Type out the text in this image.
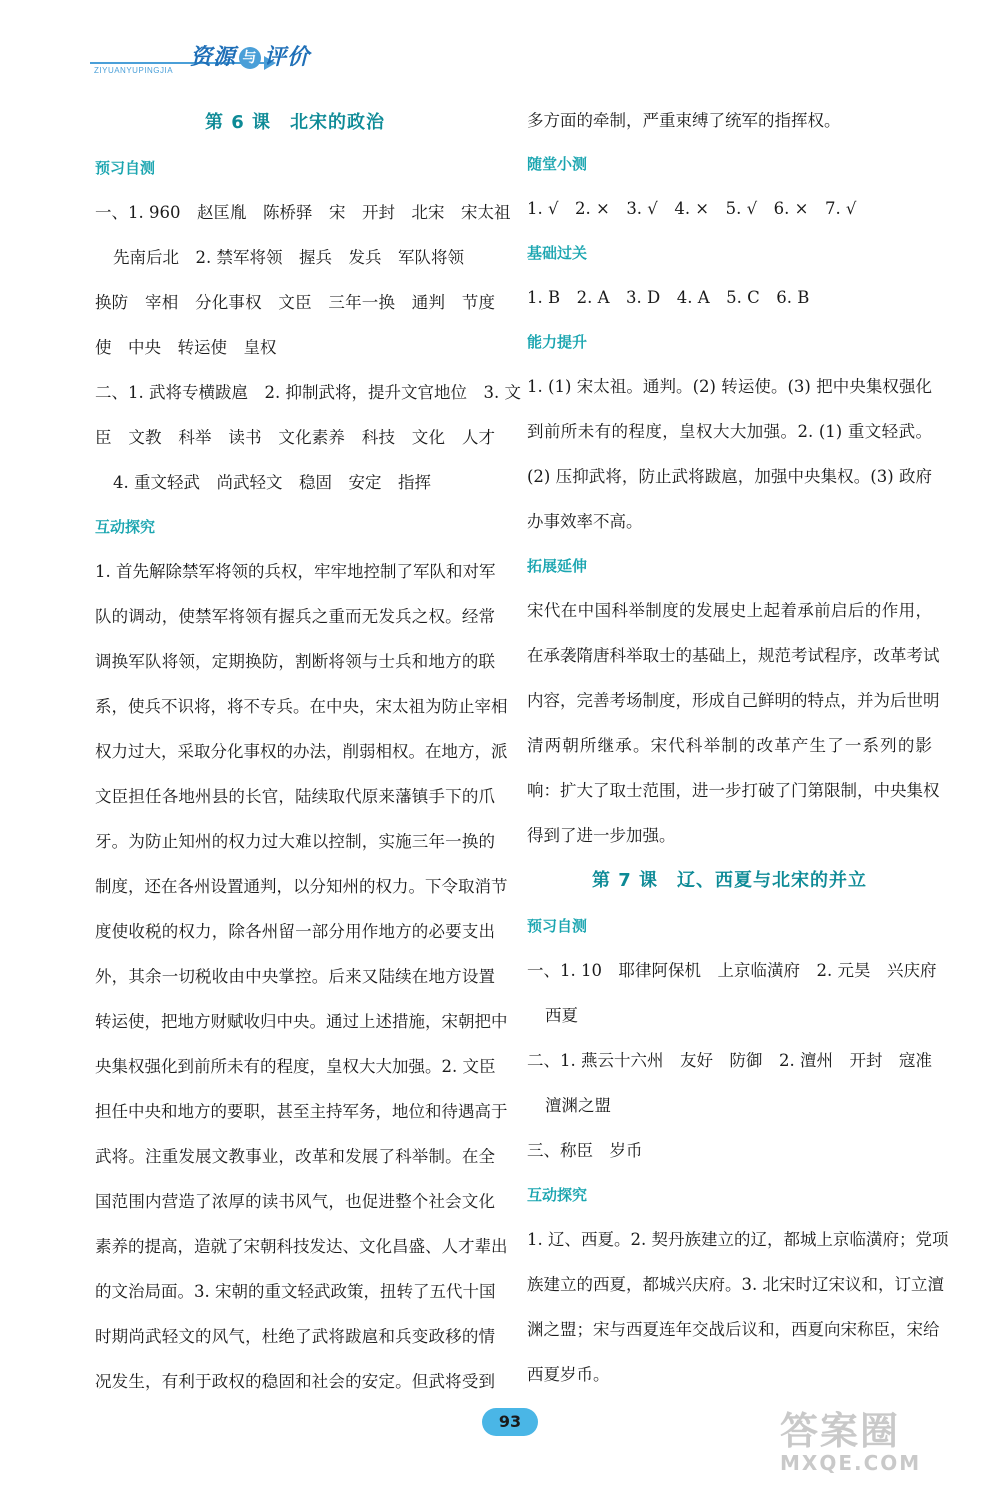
ZIYUANYUPINGJIA
资源 与 评价
第 6 课　北宋的政治
预习自测
一、1. 960　赵匡胤　陈桥驿　宋　开封　北宋　宋太祖
先南后北　2. 禁军将领　握兵　发兵　军队将领
换防　宰相　分化事权　文臣　三年一换　通判　节度
使　中央　转运使　皇权
二、1. 武将专横跋扈　2. 抑制武将，提升文官地位　3. 文
臣　文教　科举　读书　文化素养　科技　文化　人才
4. 重文轻武　尚武轻文　稳固　安定　指挥
互动探究
1. 首先解除禁军将领的兵权，牢牢地控制了军队和对军
队的调动，使禁军将领有握兵之重而无发兵之权。经常
调换军队将领，定期换防，割断将领与士兵和地方的联
系，使兵不识将，将不专兵。在中央，宋太祖为防止宰相
权力过大，采取分化事权的办法，削弱相权。在地方，派
文臣担任各地州县的长官，陆续取代原来藩镇手下的爪
牙。为防止知州的权力过大难以控制，实施三年一换的
制度，还在各州设置通判，以分知州的权力。下令取消节
度使收税的权力，除各州留一部分用作地方的必要支出
外，其余一切税收由中央掌控。后来又陆续在地方设置
转运使，把地方财赋收归中央。通过上述措施，宋朝把中
央集权强化到前所未有的程度，皇权大大加强。2. 文臣
担任中央和地方的要职，甚至主持军务，地位和待遇高于
武将。注重发展文教事业，改革和发展了科举制。在全
国范围内营造了浓厚的读书风气，也促进整个社会文化
素养的提高，造就了宋朝科技发达、文化昌盛、人才辈出
的文治局面。3. 宋朝的重文轻武政策，扭转了五代十国
时期尚武轻文的风气，杜绝了武将跋扈和兵变政移的情
况发生，有利于政权的稳固和社会的安定。但武将受到
多方面的牵制，严重束缚了统军的指挥权。
随堂小测
1. √　2. ×　3. √　4. ×　5. √　6. ×　7. √
基础过关
1. B　2. A　3. D　4. A　5. C　6. B
能力提升
1. (1) 宋太祖。通判。(2) 转运使。(3) 把中央集权强化
到前所未有的程度，皇权大大加强。2. (1) 重文轻武。
(2) 压抑武将，防止武将跋扈，加强中央集权。(3) 政府
办事效率不高。
拓展延伸
宋代在中国科举制度的发展史上起着承前启后的作用，
在承袭隋唐科举取士的基础上，规范考试程序，改革考试
内容，完善考场制度，形成自己鲜明的特点，并为后世明
清两朝所继承。宋代科举制的改革产生了一系列的影
响：扩大了取士范围，进一步打破了门第限制，中央集权
得到了进一步加强。
第 7 课　辽、西夏与北宋的并立
预习自测
一、1. 10　耶律阿保机　上京临潢府　2. 元昊　兴庆府
西夏
二、1. 燕云十六州　友好　防御　2. 澶州　开封　寇准
澶渊之盟
三、称臣　岁币
互动探究
1. 辽、西夏。2. 契丹族建立的辽，都城上京临潢府；党项
族建立的西夏，都城兴庆府。3. 北宋时辽宋议和，订立澶
渊之盟；宋与西夏连年交战后议和，西夏向宋称臣，宋给
西夏岁币。
93	答案圈
MXQE.COM
